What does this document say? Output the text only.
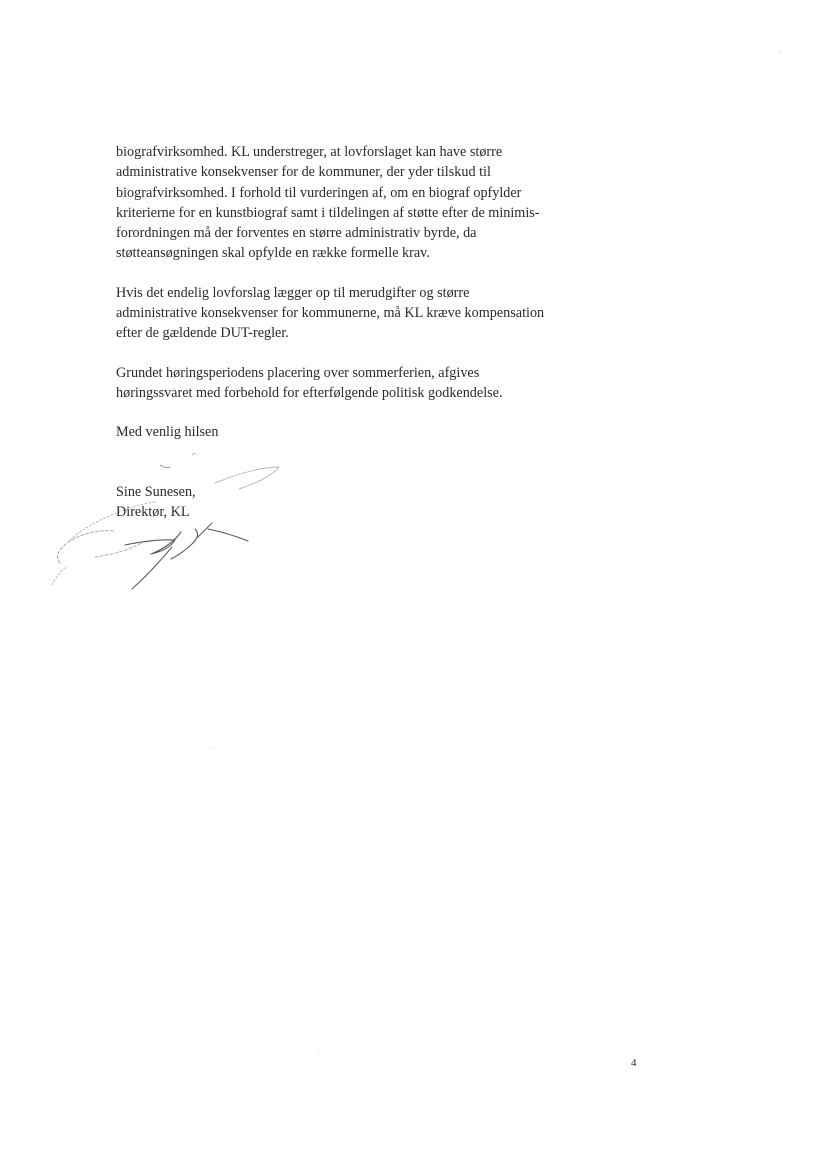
biografvirksomhed. KL understreger, at lovforslaget kan have større
administrative konsekvenser for de kommuner, der yder tilskud til
biografvirksomhed. I forhold til vurderingen af, om en biograf opfylder
kriterierne for en kunstbiograf samt i tildelingen af støtte efter de minimis-
forordningen må der forventes en større administrativ byrde, da
støtteansøgningen skal opfylde en række formelle krav.

Hvis det endelig lovforslag lægger op til merudgifter og større
administrative konsekvenser for kommunerne, må KL kræve kompensation
efter de gældende DUT-regler.

Grundet høringsperiodens placering over sommerferien, afgives
høringssvaret med forbehold for efterfølgende politisk godkendelse.

Med venlig hilsen

Sine Sunesen,
Direktør, KL
4
